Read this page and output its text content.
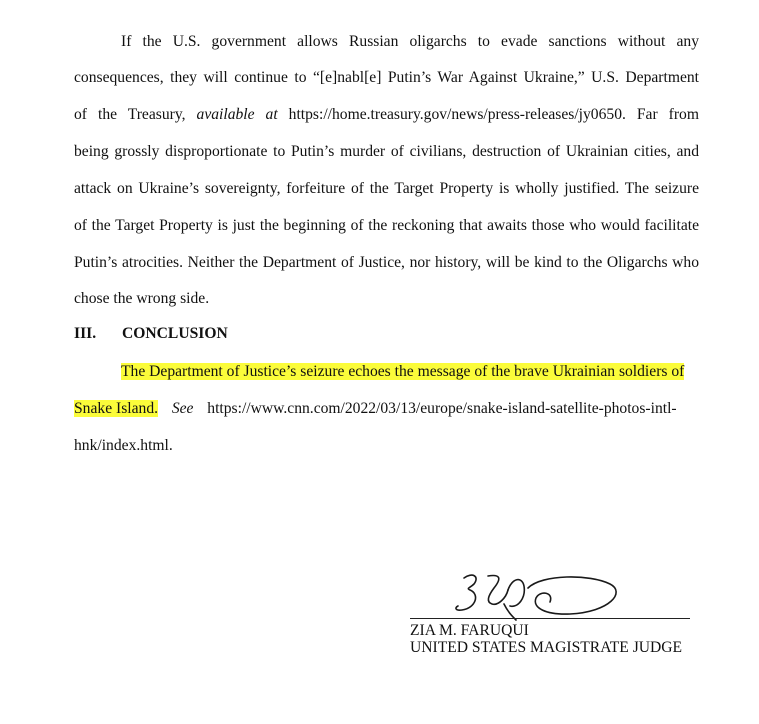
If the U.S. government allows Russian oligarchs to evade sanctions without any
consequences, they will continue to “[e]nabl[e] Putin’s War Against Ukraine,” U.S. Department
of the Treasury, available at https://home.treasury.gov/news/press-releases/jy0650. Far from
being grossly disproportionate to Putin’s murder of civilians, destruction of Ukrainian cities, and
attack on Ukraine’s sovereignty, forfeiture of the Target Property is wholly justified. The seizure
of the Target Property is just the beginning of the reckoning that awaits those who would facilitate
Putin’s atrocities. Neither the Department of Justice, nor history, will be kind to the Oligarchs who
chose the wrong side.
III. CONCLUSION
The Department of Justice’s seizure echoes the message of the brave Ukrainian soldiers of
Snake Island. See https://www.cnn.com/2022/03/13/europe/snake-island-satellite-photos-intl-
hnk/index.html.
ZIA M. FARUQUI
UNITED STATES MAGISTRATE JUDGE
